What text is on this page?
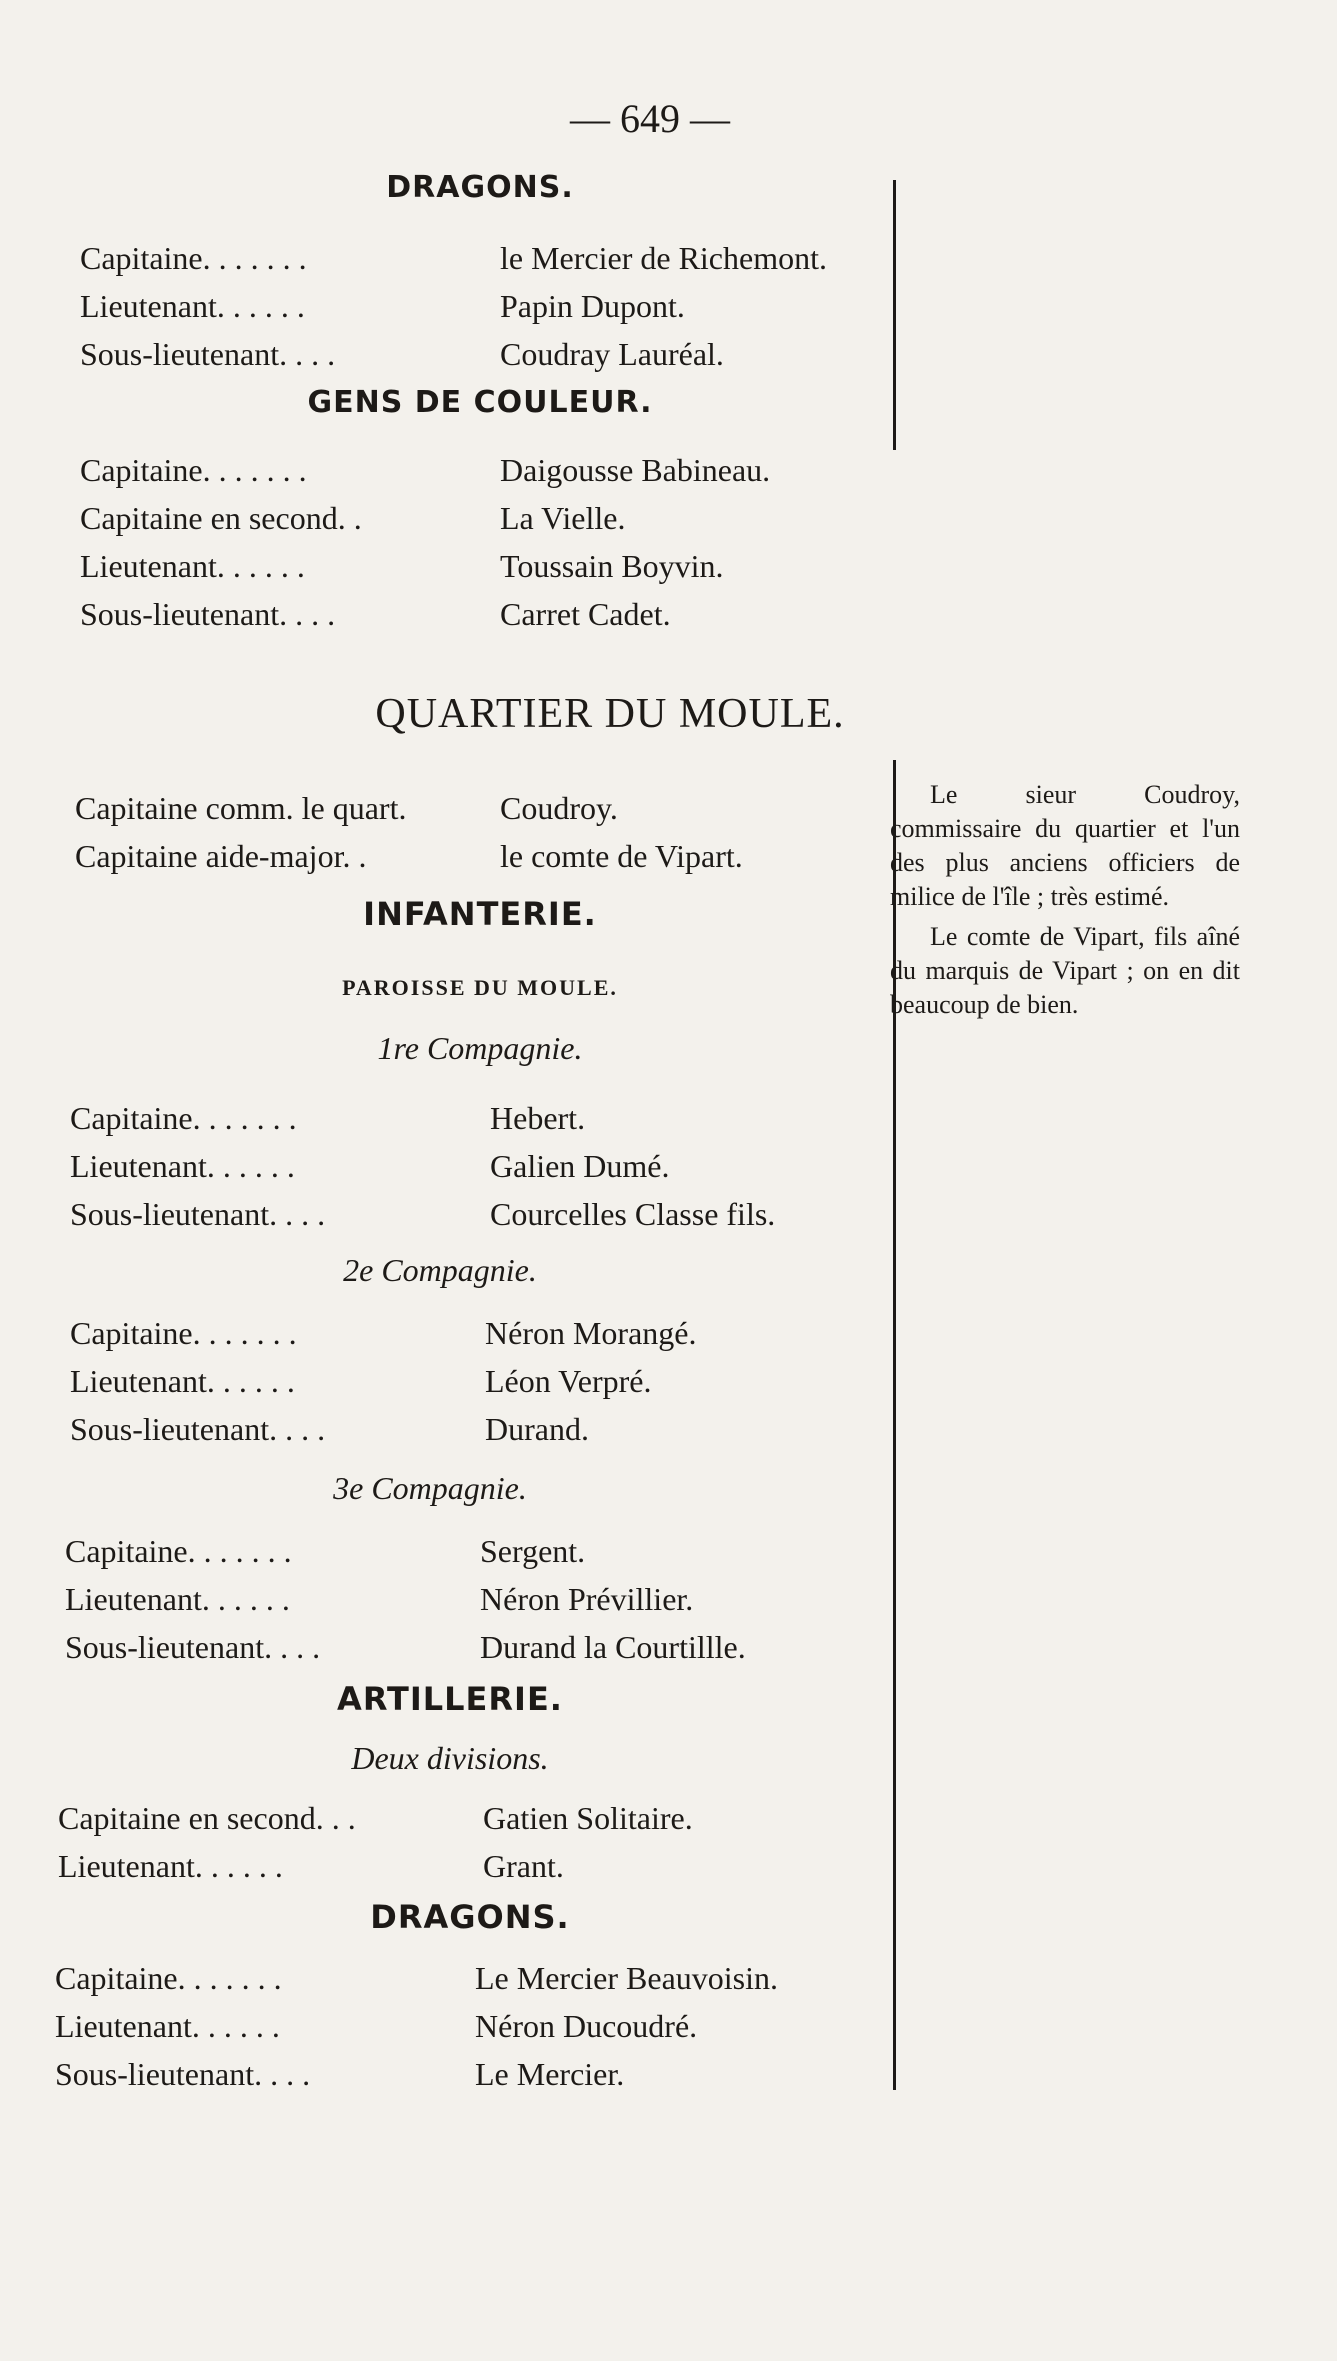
— 649 —
DRAGONS.
Capitaine. . . . . . .	le Mercier de Richemont.
Lieutenant. . . . . .	Papin Dupont.
Sous-lieutenant. . . .	Coudray Lauréal.
GENS DE COULEUR.
Capitaine. . . . . . .	Daigousse Babineau.
Capitaine en second. .	La Vielle.
Lieutenant. . . . . .	Toussain Boyvin.
Sous-lieutenant. . . .	Carret Cadet.
QUARTIER DU MOULE.
Capitaine comm. le quart.	Coudroy.
Capitaine aide-major. .	le comte de Vipart.
INFANTERIE.
PAROISSE DU MOULE.
1re Compagnie.
Capitaine. . . . . . .	Hebert.
Lieutenant. . . . . .	Galien Dumé.
Sous-lieutenant. . . .	Courcelles Classe fils.
2e Compagnie.
Capitaine. . . . . . .	Néron Morangé.
Lieutenant. . . . . .	Léon Verpré.
Sous-lieutenant. . . .	Durand.
3e Compagnie.
Capitaine. . . . . . .	Sergent.
Lieutenant. . . . . .	Néron Prévillier.
Sous-lieutenant. . . .	Durand la Courtillle.
ARTILLERIE.
Deux divisions.
Capitaine en second. . .	Gatien Solitaire.
Lieutenant. . . . . .	Grant.
DRAGONS.
Capitaine. . . . . . .	Le Mercier Beauvoisin.
Lieutenant. . . . . .	Néron Ducoudré.
Sous-lieutenant. . . .	Le Mercier.

Le sieur Coudroy, commissaire du quartier et l'un des plus anciens officiers de milice de l'île ; très estimé.

Le comte de Vipart, fils aîné du marquis de Vipart ; on en dit beaucoup de bien.
